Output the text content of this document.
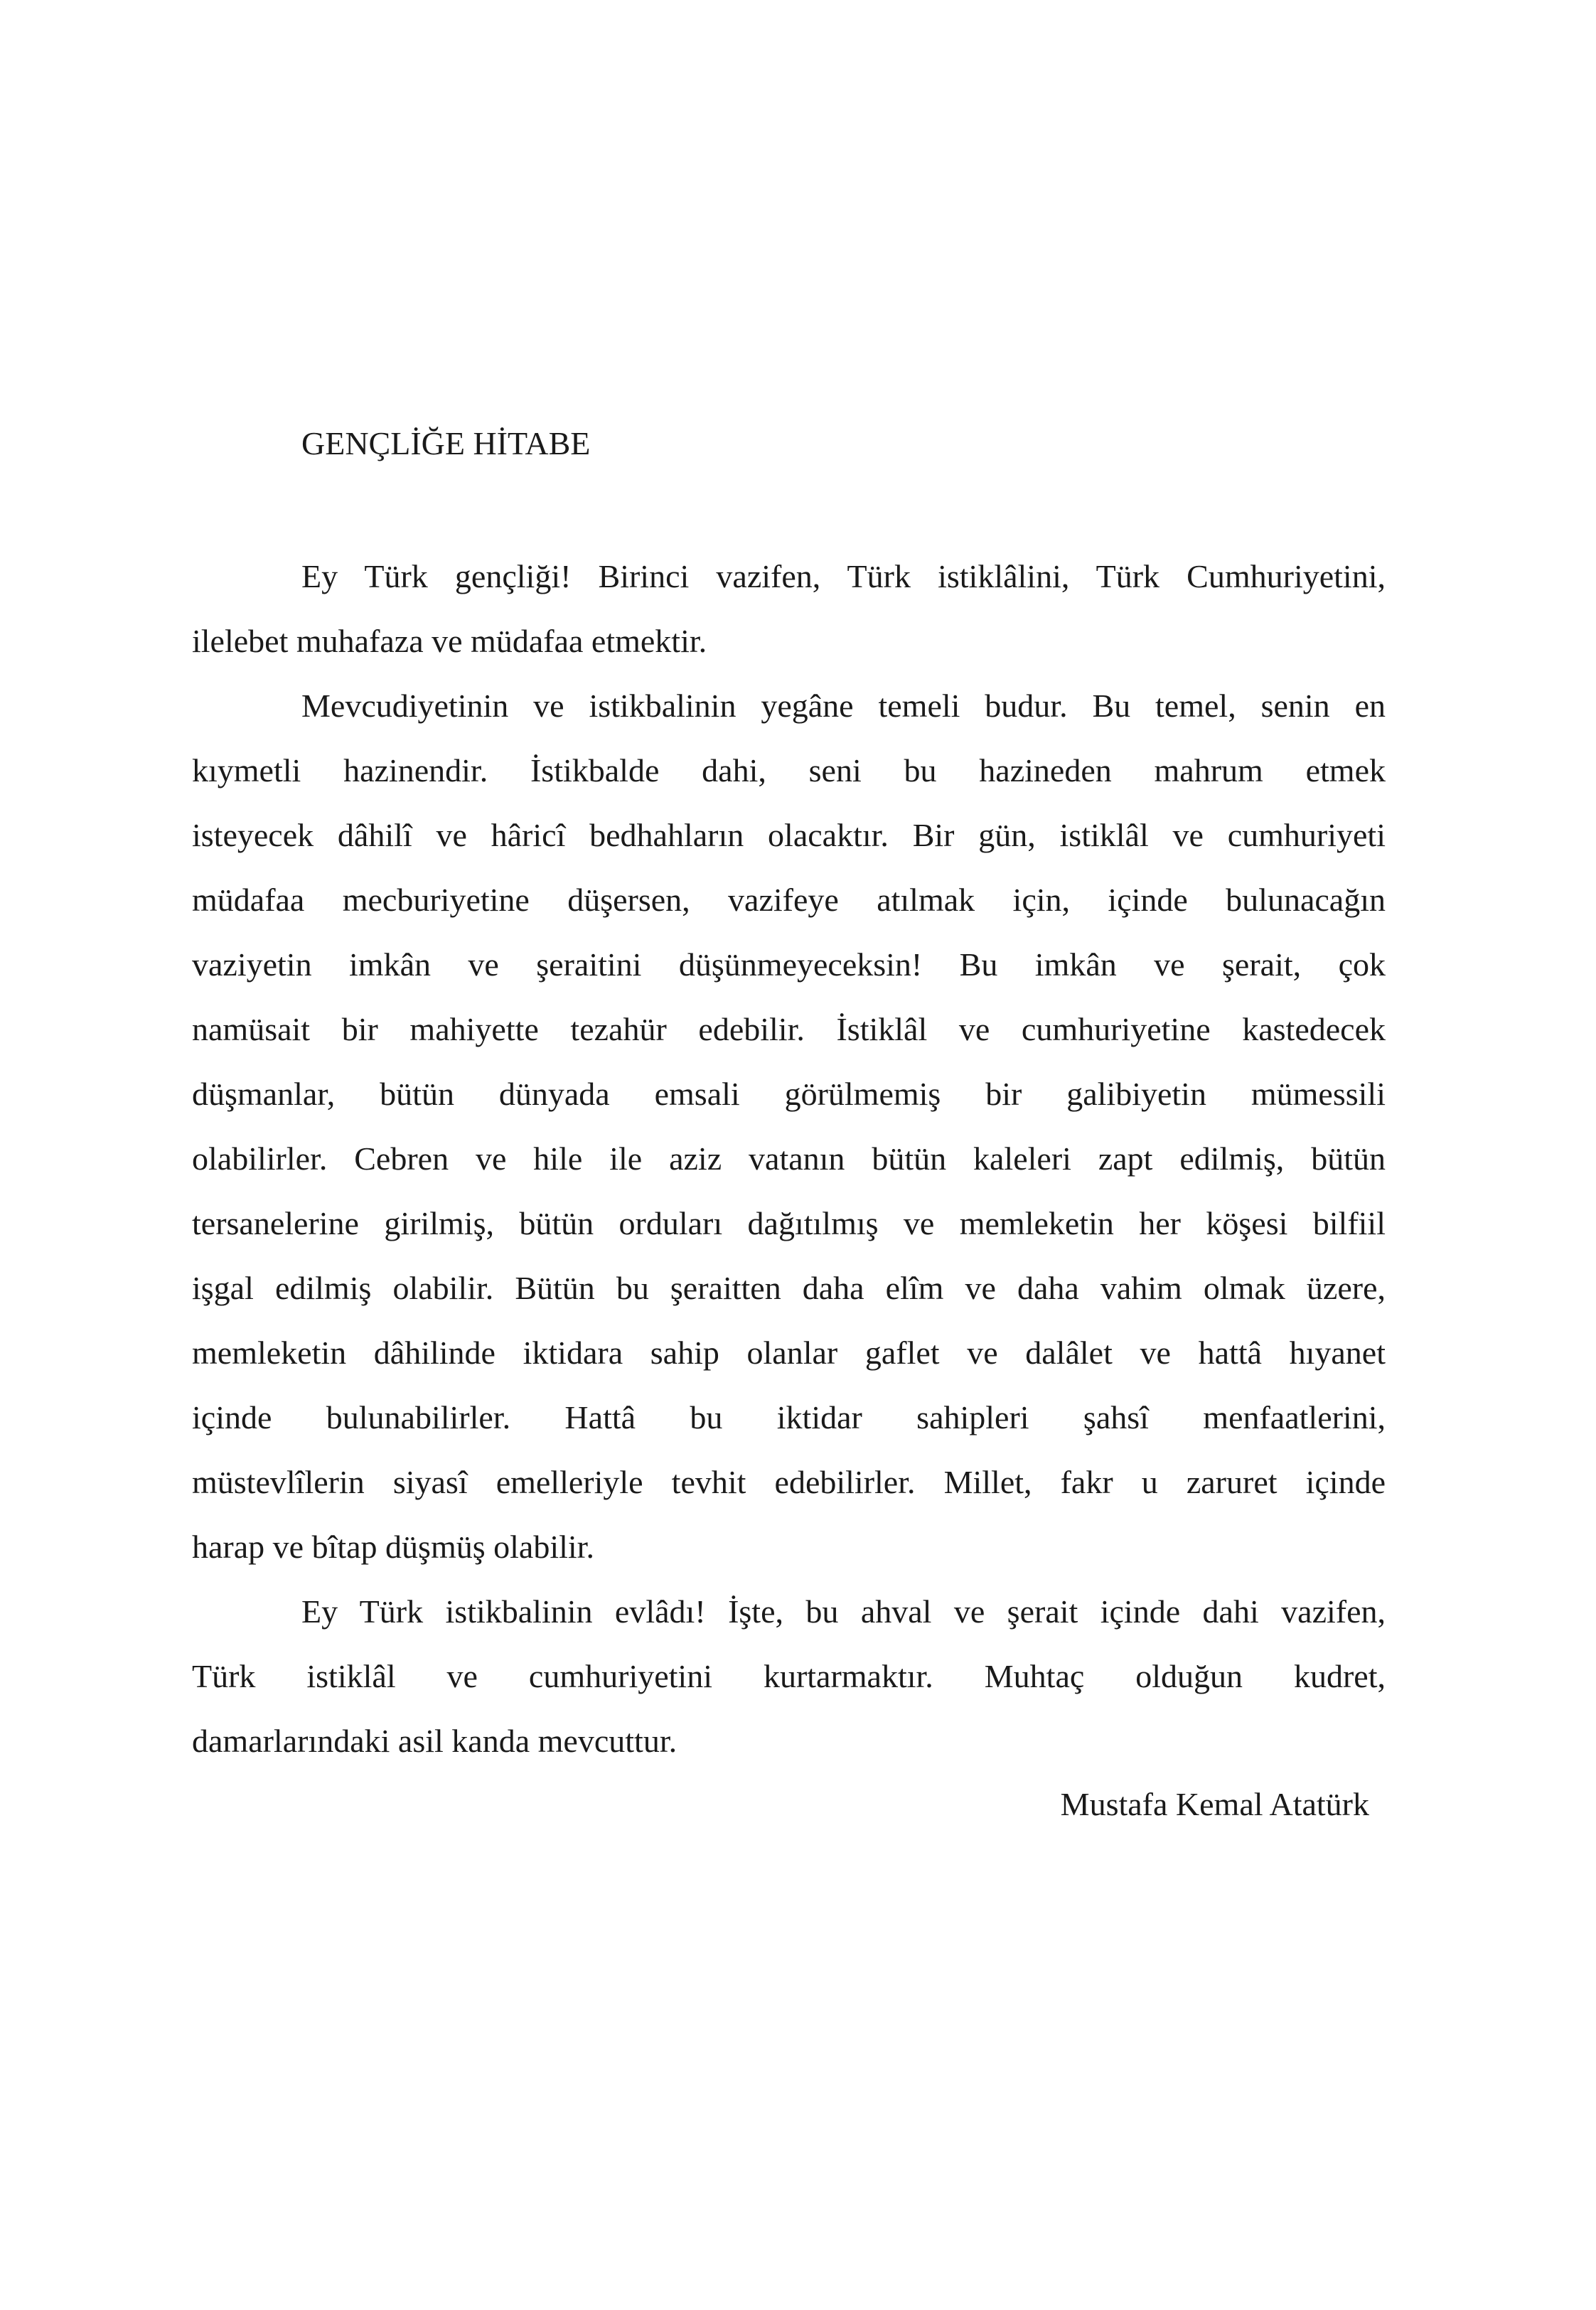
GENÇLİĞE HİTABE
Ey Türk gençliği! Birinci vazifen, Türk istiklâlini, Türk Cumhuriyetini,
ilelebet muhafaza ve müdafaa etmektir.
Mevcudiyetinin ve istikbalinin yegâne temeli budur. Bu temel, senin en
kıymetli hazinendir. İstikbalde dahi, seni bu hazineden mahrum etmek
isteyecek dâhilî ve hâricî bedhahların olacaktır. Bir gün, istiklâl ve cumhuriyeti
müdafaa mecburiyetine düşersen, vazifeye atılmak için, içinde bulunacağın
vaziyetin imkân ve şeraitini düşünmeyeceksin! Bu imkân ve şerait, çok
namüsait bir mahiyette tezahür edebilir. İstiklâl ve cumhuriyetine kastedecek
düşmanlar, bütün dünyada emsali görülmemiş bir galibiyetin mümessili
olabilirler. Cebren ve hile ile aziz vatanın bütün kaleleri zapt edilmiş, bütün
tersanelerine girilmiş, bütün orduları dağıtılmış ve memleketin her köşesi bilfiil
işgal edilmiş olabilir. Bütün bu şeraitten daha elîm ve daha vahim olmak üzere,
memleketin dâhilinde iktidara sahip olanlar gaflet ve dalâlet ve hattâ hıyanet
içinde bulunabilirler. Hattâ bu iktidar sahipleri şahsî menfaatlerini,
müstevlîlerin siyasî emelleriyle tevhit edebilirler. Millet, fakr u zaruret içinde
harap ve bîtap düşmüş olabilir.
Ey Türk istikbalinin evlâdı! İşte, bu ahval ve şerait içinde dahi vazifen,
Türk istiklâl ve cumhuriyetini kurtarmaktır. Muhtaç olduğun kudret,
damarlarındaki asil kanda mevcuttur.
Mustafa Kemal Atatürk
